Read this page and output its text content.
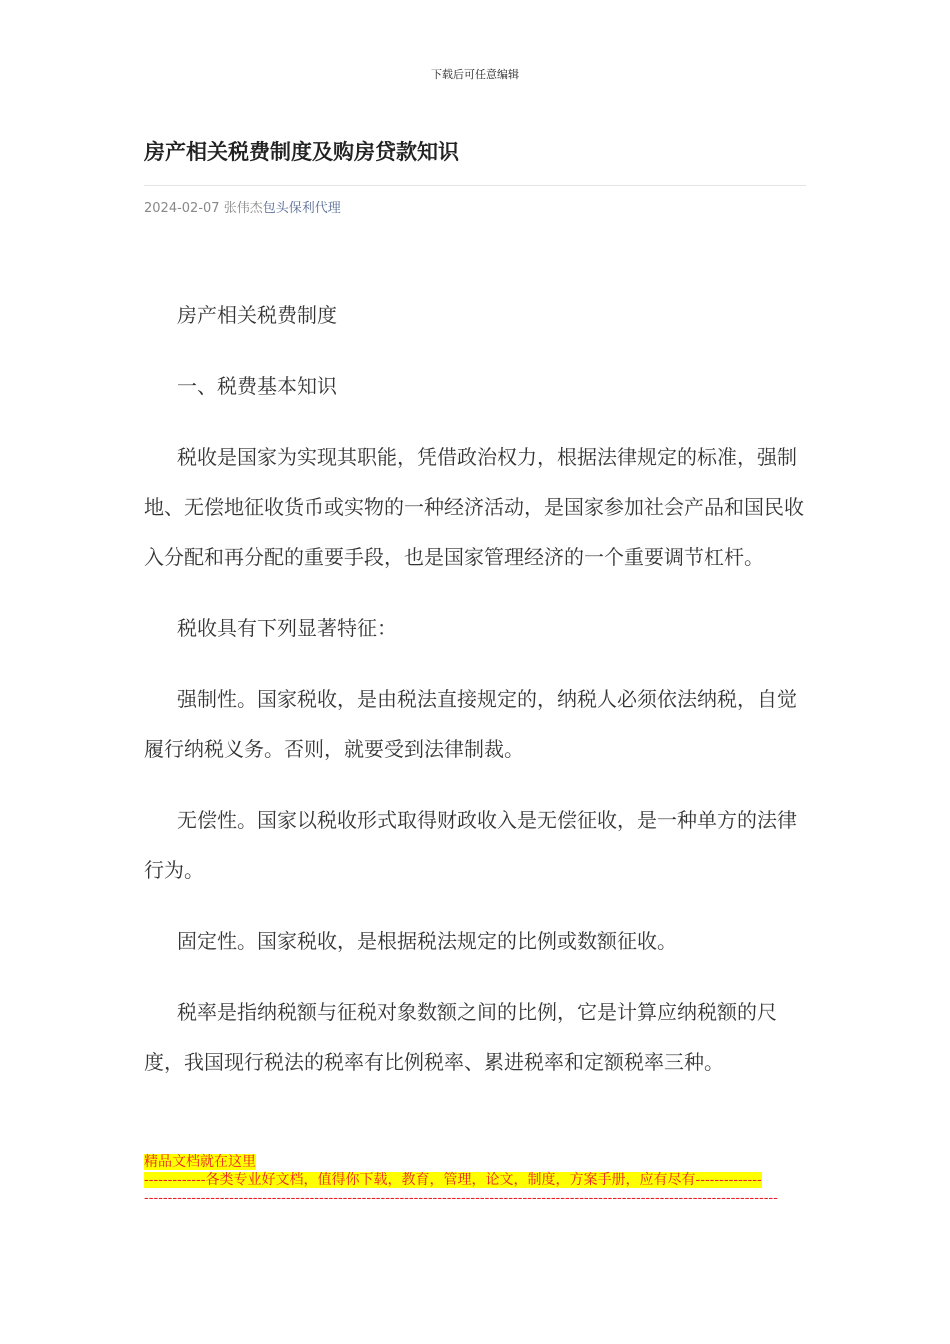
下载后可任意编辑
房产相关税费制度及购房贷款知识
2024-02-07 张伟杰包头保利代理

房产相关税费制度

一、税费基本知识

税收是国家为实现其职能，凭借政治权力，根据法律规定的标准，强制地、无偿地征收货币或实物的一种经济活动，是国家参加社会产品和国民收入分配和再分配的重要手段，也是国家管理经济的一个重要调节杠杆。

税收具有下列显著特征：

强制性。国家税收，是由税法直接规定的，纳税人必须依法纳税，自觉履行纳税义务。否则，就要受到法律制裁。

无偿性。国家以税收形式取得财政收入是无偿征收，是一种单方的法律行为。

固定性。国家税收，是根据税法规定的比例或数额征收。

税率是指纳税额与征税对象数额之间的比例，它是计算应纳税额的尺度，我国现行税法的税率有比例税率、累进税率和定额税率三种。

精品文档就在这里
-------------各类专业好文档，值得你下载，教育，管理，论文，制度，方案手册，应有尽有--------------
--------------------------------------------------------------------------------------------------------------------------------------
